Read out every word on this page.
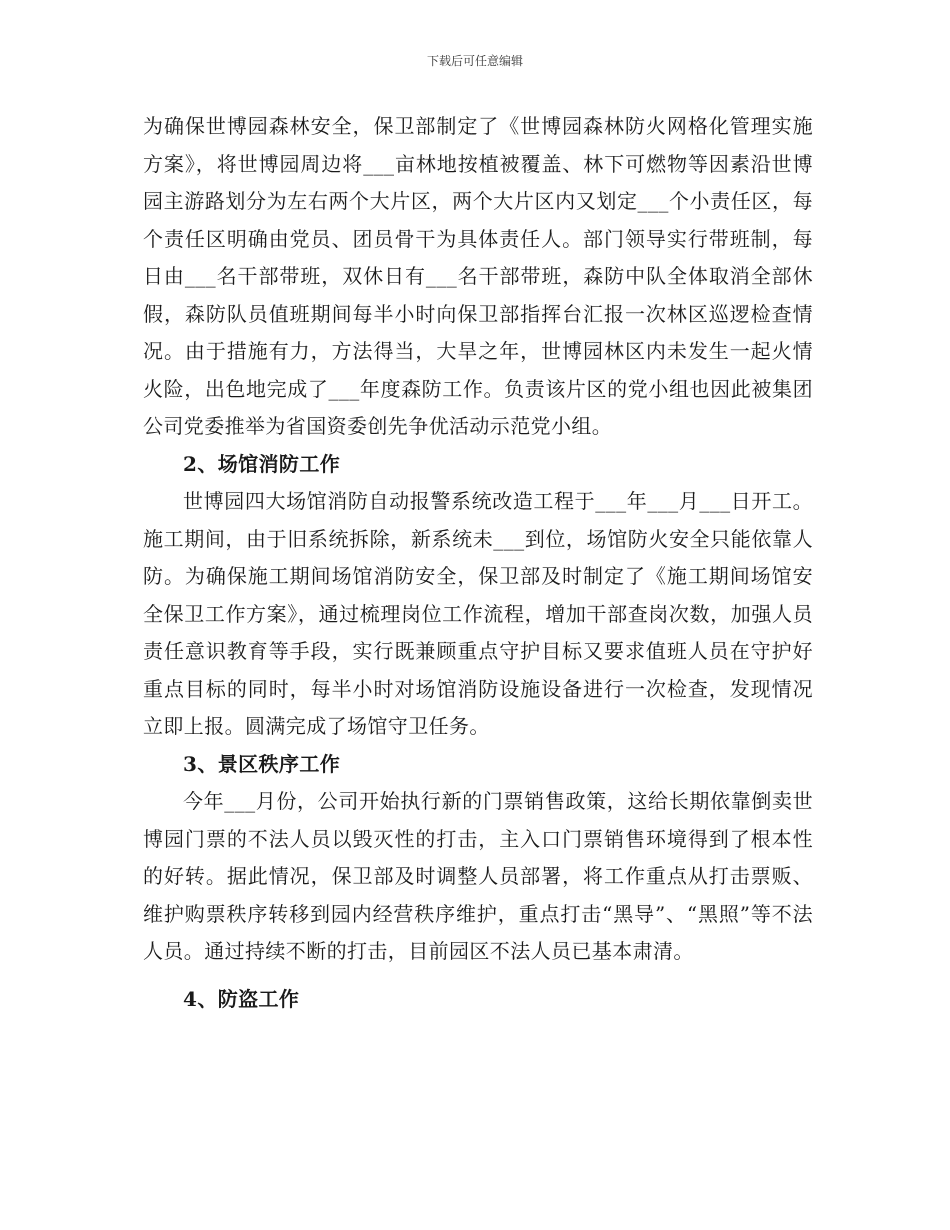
下载后可任意编辑

为确保世博园森林安全，保卫部制定了《世博园森林防火网格化管理实施方案》，将世博园周边将___亩林地按植被覆盖、林下可燃物等因素沿世博园主游路划分为左右两个大片区，两个大片区内又划定___个小责任区，每个责任区明确由党员、团员骨干为具体责任人。部门领导实行带班制，每日由___名干部带班，双休日有___名干部带班，森防中队全体取消全部休假，森防队员值班期间每半小时向保卫部指挥台汇报一次林区巡逻检查情况。由于措施有力，方法得当，大旱之年，世博园林区内未发生一起火情火险，出色地完成了___年度森防工作。负责该片区的党小组也因此被集团公司党委推举为省国资委创先争优活动示范党小组。

2、场馆消防工作

世博园四大场馆消防自动报警系统改造工程于___年___月___日开工。施工期间，由于旧系统拆除，新系统未___到位，场馆防火安全只能依靠人防。为确保施工期间场馆消防安全，保卫部及时制定了《施工期间场馆安全保卫工作方案》，通过梳理岗位工作流程，增加干部查岗次数，加强人员责任意识教育等手段，实行既兼顾重点守护目标又要求值班人员在守护好重点目标的同时，每半小时对场馆消防设施设备进行一次检查，发现情况立即上报。圆满完成了场馆守卫任务。

3、景区秩序工作

今年___月份，公司开始执行新的门票销售政策，这给长期依靠倒卖世博园门票的不法人员以毁灭性的打击，主入口门票销售环境得到了根本性的好转。据此情况，保卫部及时调整人员部署，将工作重点从打击票贩、维护购票秩序转移到园内经营秩序维护，重点打击“黑导”、“黑照”等不法人员。通过持续不断的打击，目前园区不法人员已基本肃清。

4、防盗工作
